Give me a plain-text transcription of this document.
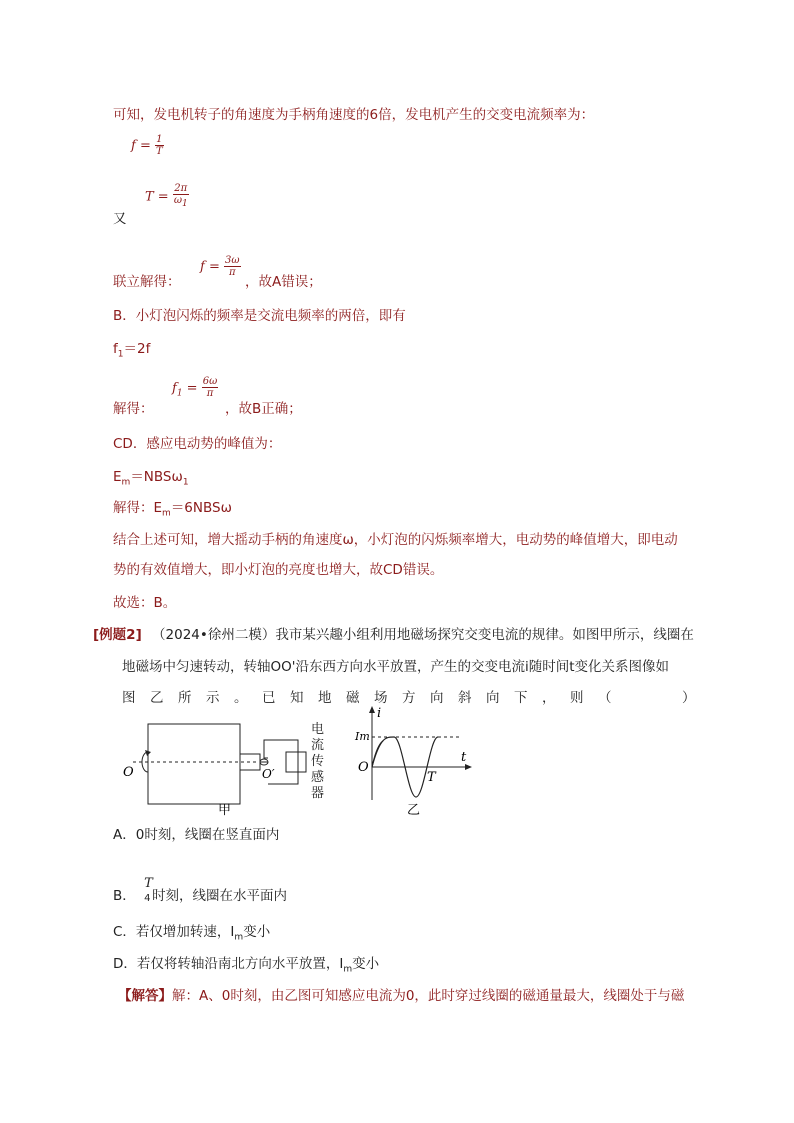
可知，发电机转子的角速度为手柄角速度的6倍，发电机产生的交变电流频率为：
$f = \frac{1}{T}$
$T = \frac{2\pi}{\omega_1}$
又
$f = \frac{3\omega}{\pi}$
联立解得：	，故A错误；
B．小灯泡闪烁的频率是交流电频率的两倍，即有
$f_1=2f$
$f_1 = \frac{6\omega}{\pi}$
解得：	，故B正确；
CD．感应电动势的峰值为：
$E_m=NBS\omega_1$
解得：$E_m=6NBS\omega$
结合上述可知，增大摇动手柄的角速度ω，小灯泡的闪烁频率增大，电动势的峰值增大，即电动
势的有效值增大，即小灯泡的亮度也增大，故CD错误。
故选：B。
[例题2] （2024•徐州二模）我市某兴趣小组利用地磁场探究交变电流的规律。如图甲所示，线圈在
地磁场中匀速转动，转轴OO'沿东西方向水平放置，产生的交变电流i随时间t变化关系图像如
图乙所示。已知地磁场方向斜向下，则（　　）
O	O′
甲
电流传感器
i
t
Im
O
T
乙
A．0时刻，线圈在竖直面内
B．
T
4 时刻，线圈在水平面内
C．若仅增加转速，$I_m$变小
D．若仅将转轴沿南北方向水平放置，$I_m$变小
【解答】解：A、0时刻，由乙图可知感应电流为0，此时穿过线圈的磁通量最大，线圈处于与磁
